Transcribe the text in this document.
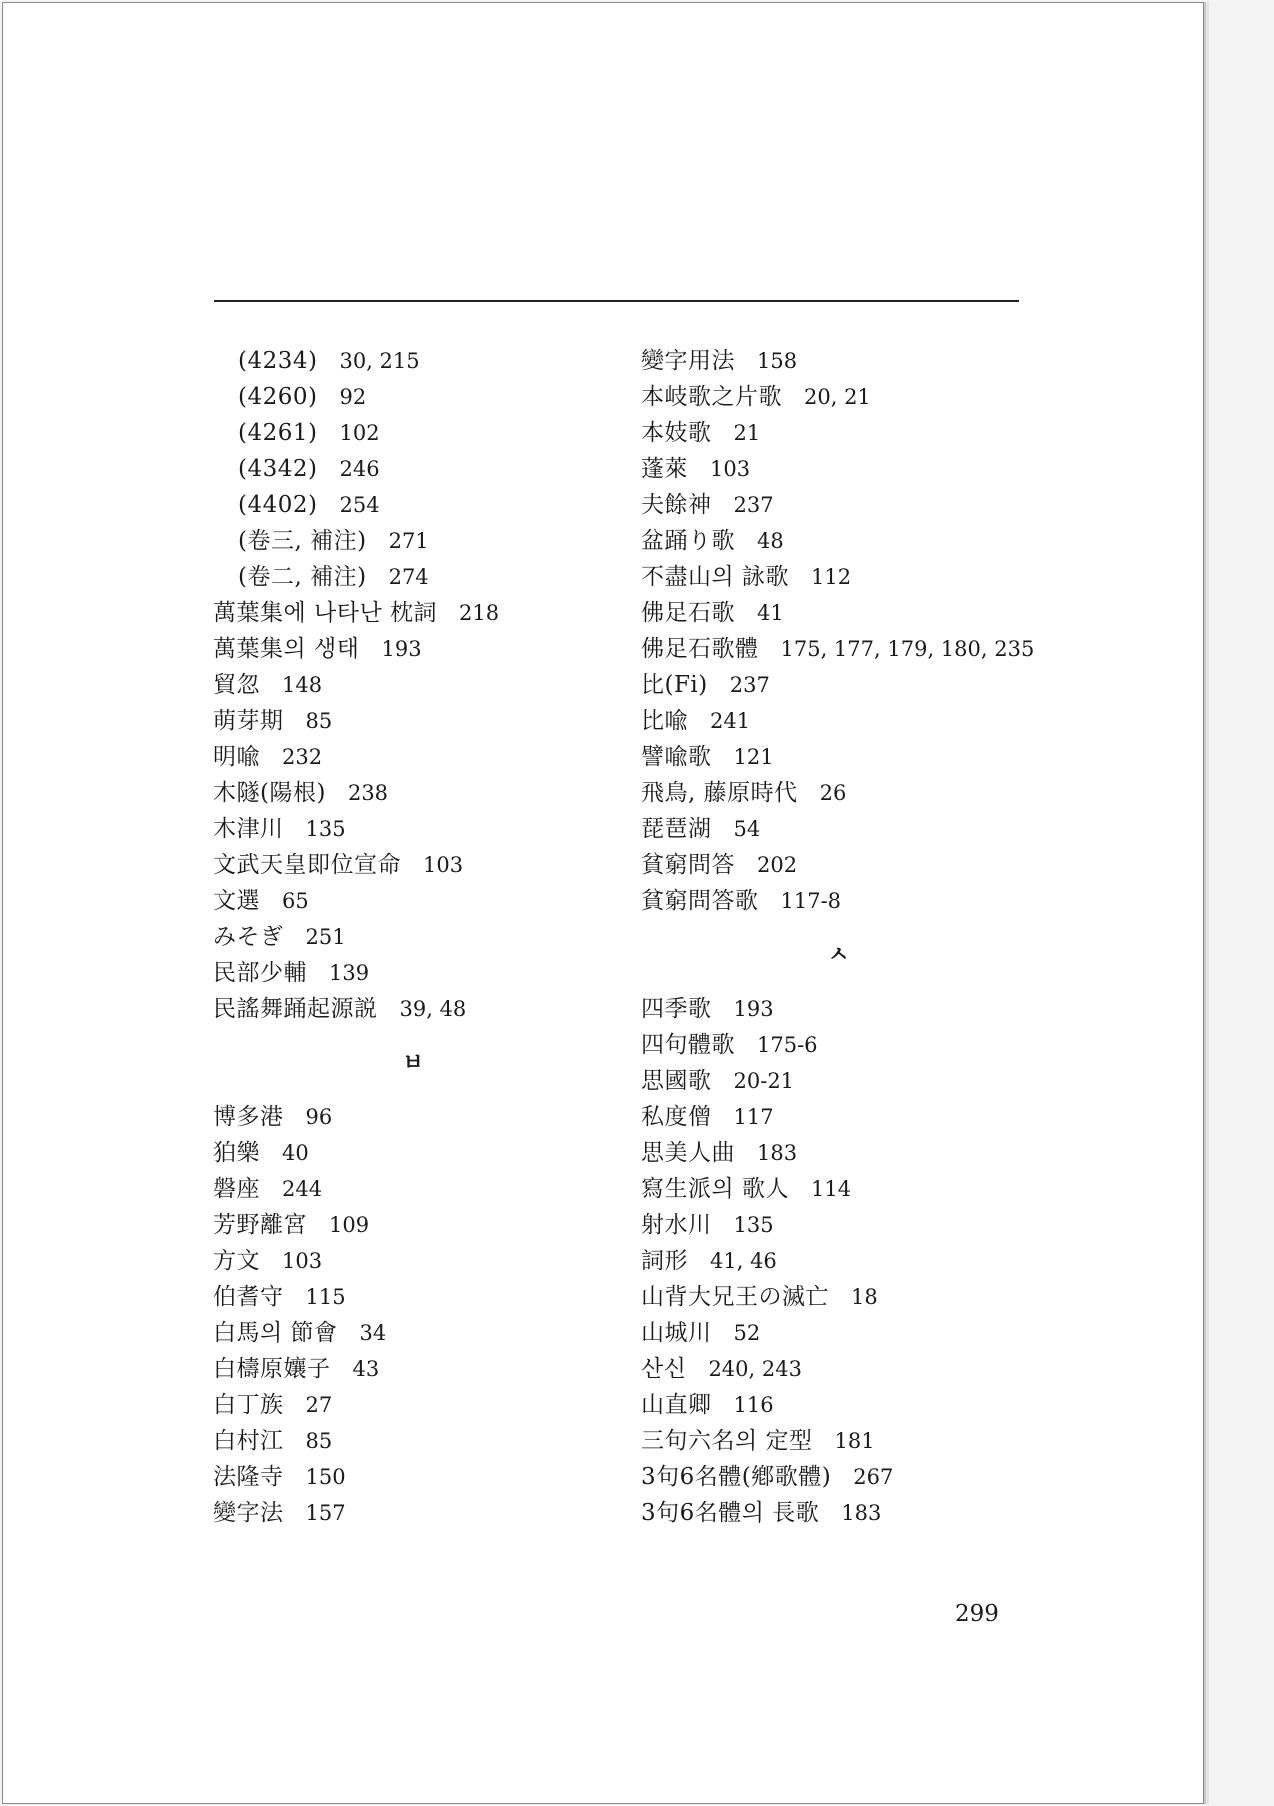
(4234) 30, 215
(4260) 92
(4261) 102
(4342) 246
(4402) 254
(卷三, 補注) 271
(卷二, 補注) 274
萬葉集에 나타난 枕詞 218
萬葉集의 생태 193
貿忽 148
萌芽期 85
明喩 232
木隧(陽根) 238
木津川 135
文武天皇即位宣命 103
文選 65
みそぎ 251
民部少輔 139
民謠舞踊起源説 39, 48
ㅂ
博多港 96
狛樂 40
磐座 244
芳野離宮 109
方文 103
伯耆守 115
白馬의 節會 34
白檮原孃子 43
白丁族 27
白村江 85
法隆寺 150
變字法 157
變字用法 158
本岐歌之片歌 20, 21
本妓歌 21
蓬萊 103
夫餘神 237
盆踊り歌 48
不盡山의 詠歌 112
佛足石歌 41
佛足石歌體 175, 177, 179, 180, 235
比(Fi) 237
比喩 241
譬喩歌 121
飛鳥, 藤原時代 26
琵琶湖 54
貧窮問答 202
貧窮問答歌 117-8
ㅅ
四季歌 193
四句體歌 175-6
思國歌 20-21
私度僧 117
思美人曲 183
寫生派의 歌人 114
射水川 135
詞形 41, 46
山背大兄王の滅亡 18
山城川 52
산신 240, 243
山直卿 116
三句六名의 定型 181
3句6名體(鄕歌體) 267
3句6名體의 長歌 183
299
